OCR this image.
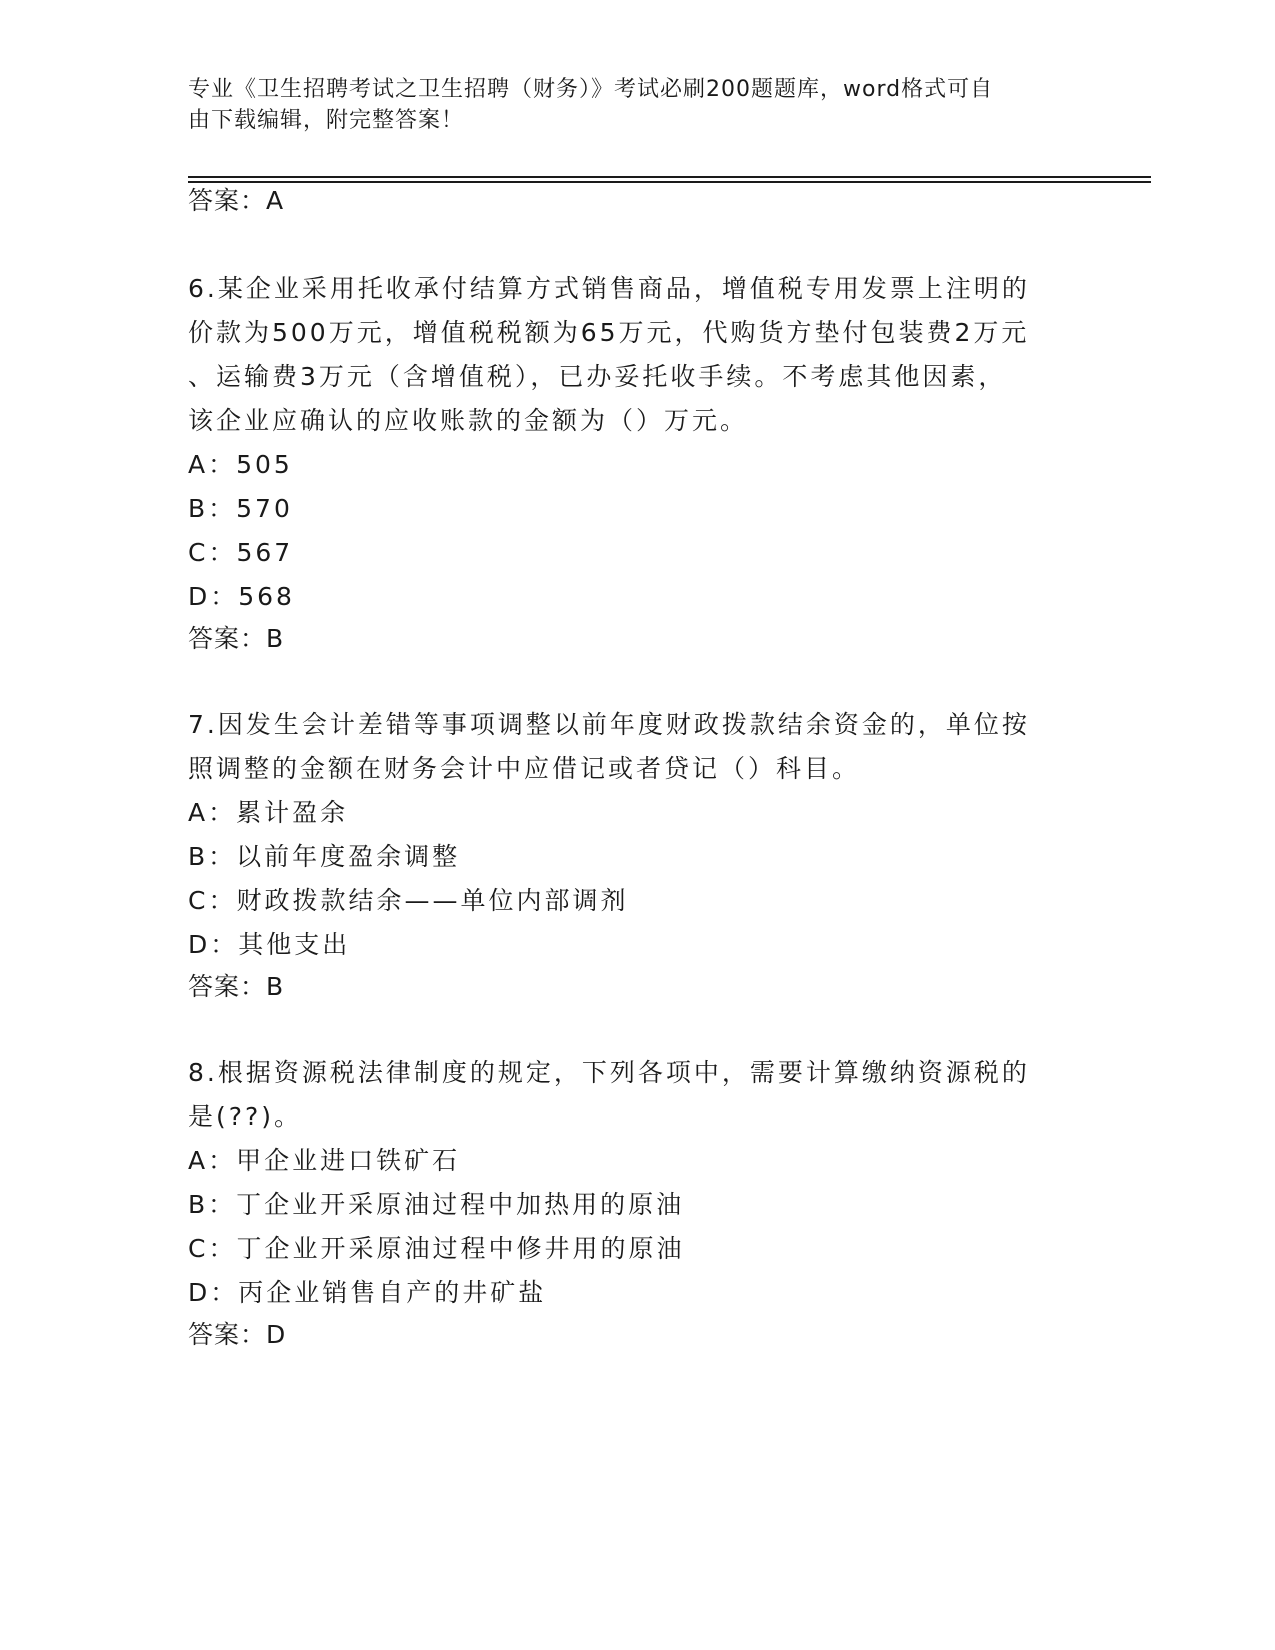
专业《卫生招聘考试之卫生招聘（财务）》考试必刷200题题库，word格式可自
由下载编辑，附完整答案！
答案：A
6.某企业采用托收承付结算方式销售商品，增值税专用发票上注明的
价款为500万元，增值税税额为65万元，代购货方垫付包装费2万元
、运输费3万元（含增值税），已办妥托收手续。不考虑其他因素，
该企业应确认的应收账款的金额为（）万元。
A：505
B：570
C：567
D：568
答案：B
7.因发生会计差错等事项调整以前年度财政拨款结余资金的，单位按
照调整的金额在财务会计中应借记或者贷记（）科目。
A：累计盈余
B：以前年度盈余调整
C：财政拨款结余——单位内部调剂
D：其他支出
答案：B
8.根据资源税法律制度的规定，下列各项中，需要计算缴纳资源税的
是(??)。
A：甲企业进口铁矿石
B：丁企业开采原油过程中加热用的原油
C：丁企业开采原油过程中修井用的原油
D：丙企业销售自产的井矿盐
答案：D
